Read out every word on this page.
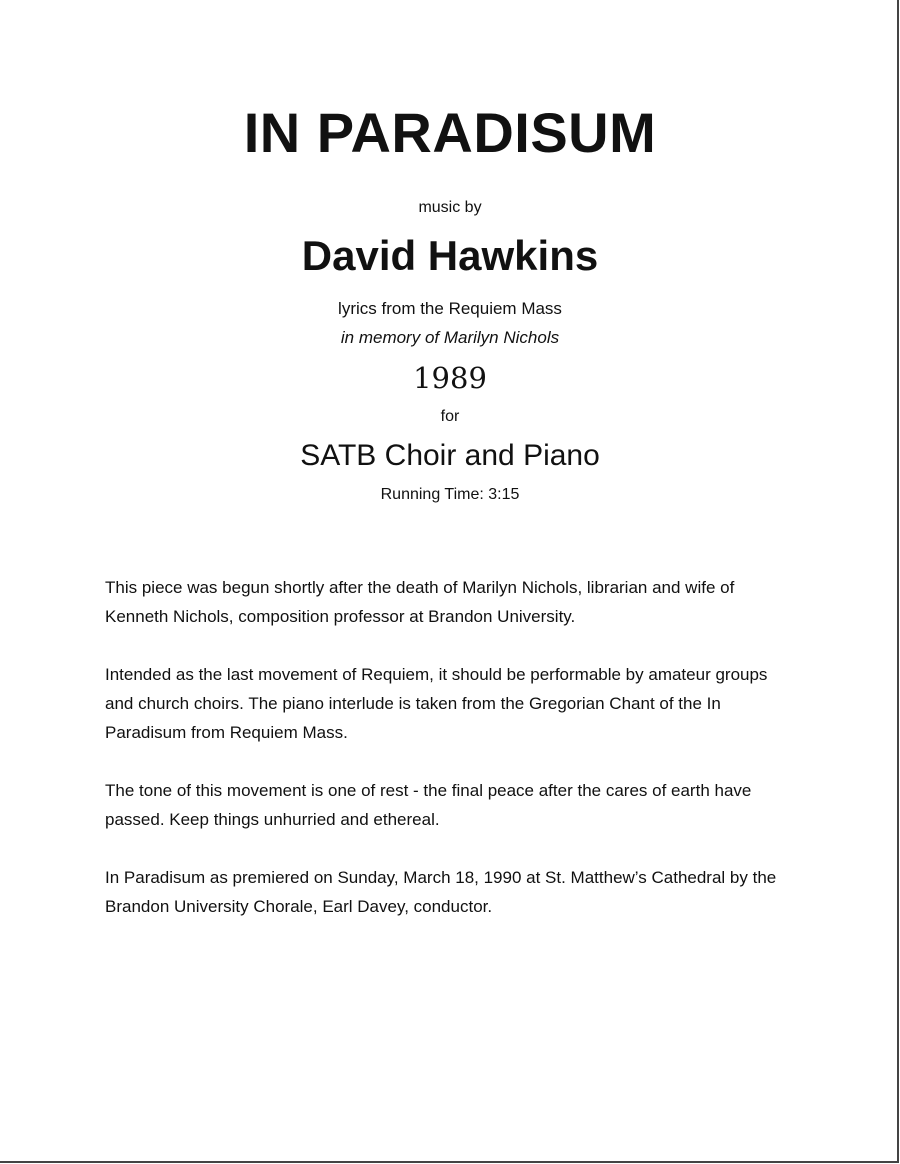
IN PARADISUM
music by
David Hawkins
lyrics from the Requiem Mass
in memory of Marilyn Nichols
1989
for
SATB Choir and Piano
Running Time: 3:15

This piece was begun shortly after the death of Marilyn Nichols, librarian and wife of Kenneth Nichols, composition professor at Brandon University.

Intended as the last movement of Requiem, it should be performable by amateur groups and church choirs. The piano interlude is taken from the Gregorian Chant of the In Paradisum from Requiem Mass.

The tone of this movement is one of rest - the final peace after the cares of earth have passed. Keep things unhurried and ethereal.

In Paradisum as premiered on Sunday, March 18, 1990 at St. Matthew’s Cathedral by the Brandon University Chorale, Earl Davey, conductor.
